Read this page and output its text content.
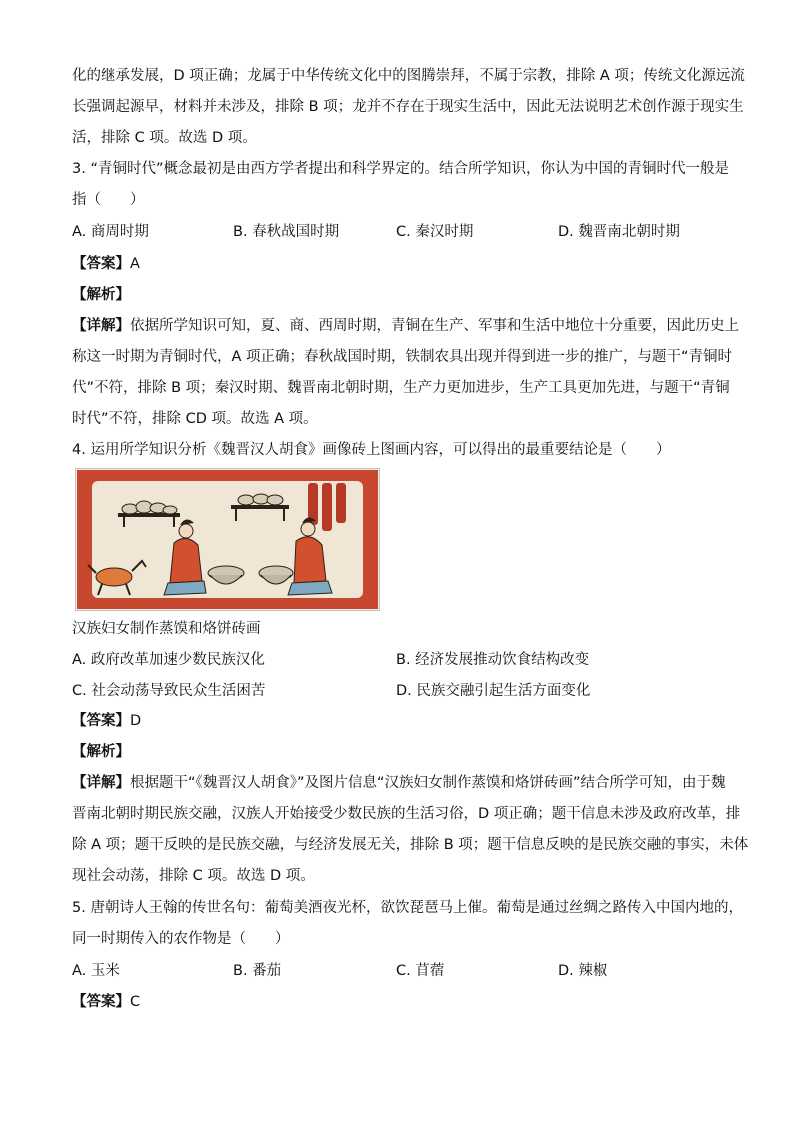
化的继承发展，D 项正确；龙属于中华传统文化中的图腾崇拜，不属于宗教，排除 A 项；传统文化源远流
长强调起源早，材料并未涉及，排除 B 项；龙并不存在于现实生活中，因此无法说明艺术创作源于现实生
活，排除 C 项。故选 D 项。
3. “青铜时代”概念最初是由西方学者提出和科学界定的。结合所学知识，你认为中国的青铜时代一般是
指（　　）
A. 商周时期	B. 春秋战国时期	C. 秦汉时期	D. 魏晋南北朝时期
【答案】A
【解析】
【详解】依据所学知识可知，夏、商、西周时期，青铜在生产、军事和生活中地位十分重要，因此历史上
称这一时期为青铜时代，A 项正确；春秋战国时期，铁制农具出现并得到进一步的推广，与题干“青铜时
代”不符，排除 B 项；秦汉时期、魏晋南北朝时期，生产力更加进步，生产工具更加先进，与题干“青铜
时代”不符，排除 CD 项。故选 A 项。
4. 运用所学知识分析《魏晋汉人胡食》画像砖上图画内容，可以得出的最重要结论是（　　）
汉族妇女制作蒸馍和烙饼砖画
A. 政府改革加速少数民族汉化	B. 经济发展推动饮食结构改变
C. 社会动荡导致民众生活困苦	D. 民族交融引起生活方面变化
【答案】D
【解析】
【详解】根据题干“《魏晋汉人胡食》”及图片信息“汉族妇女制作蒸馍和烙饼砖画”结合所学可知，由于魏
晋南北朝时期民族交融，汉族人开始接受少数民族的生活习俗，D 项正确；题干信息未涉及政府改革，排
除 A 项；题干反映的是民族交融，与经济发展无关，排除 B 项；题干信息反映的是民族交融的事实，未体
现社会动荡，排除 C 项。故选 D 项。
5. 唐朝诗人王翰的传世名句：葡萄美酒夜光杯，欲饮琵琶马上催。葡萄是通过丝绸之路传入中国内地的，
同一时期传入的农作物是（　　）
A. 玉米	B. 番茄	C. 苜蓿	D. 辣椒
【答案】C
